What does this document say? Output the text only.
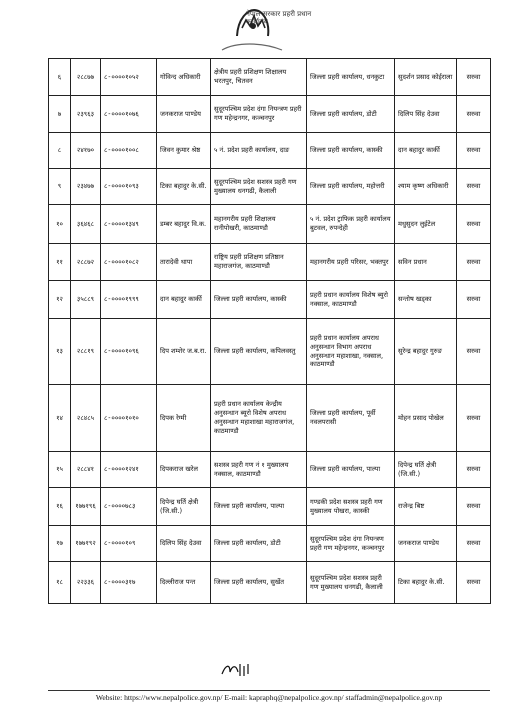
नेपाल सरकार प्रहरी प्रधान कार्यालय
६	२८८७७	८-००००१०५२	गोविन्द अधिकारी	क्षेत्रीय प्रहरी प्रशिक्षण शिक्षालय भरतपुर, चितवन	जिल्ला प्रहरी कार्यालय, धनकुटा	सुदर्शन प्रसाद कोईराला	सरुवा
७	२३९६३	८-००००१०७६	जनकराज पाण्डेय	सुदूरपश्चिम प्रदेश दंगा नियन्त्रण प्रहरी गण महेन्द्रनगर, कञ्चनपुर	जिल्ला प्रहरी कार्यालय, डोटी	दिलिप सिंह देउवा	सरुवा
८	२४१७०	८-००००१००८	जिवन कुमार श्रेष्ठ	५ नं. प्रदेश प्रहरी कार्यालय, दाङ	जिल्ला प्रहरी कार्यालय, कास्की	दान बहादुर कार्की	सरुवा
९	२३४७७	८-००००१०९३	टिका बहादुर के.सी.	सुदूरपश्चिम प्रदेश सशस्त्र प्रहरी गण मुख्यालय धनगढी, कैलाली	जिल्ला प्रहरी कार्यालय, महोत्तरी	श्याम कृष्ण अधिकारी	सरुवा
१०	३६४६८	८-००००१३४९	डम्बर बहादुर वि.क.	महानगरीय प्रहरी शिक्षालय रानीपोखरी, काठमाण्डौ	५ नं. प्रदेश ट्राफिक प्रहरी कार्यालय बुटवल, रुपन्देही	मधुसुदन लुईटेल	सरुवा
११	२८८७२	८-००००१०८२	तारादेवी थापा	राष्ट्रिय प्रहरी प्रशिक्षण प्रतिष्ठान महाराजगंज, काठमाण्डौ	महानगरीय प्रहरी परिसर, भक्तपुर	सविन प्रधान	सरुवा
१२	३५८८९	८-००००१९९९	दान बहादुर कार्की	जिल्ला प्रहरी कार्यालय, कास्की	प्रहरी प्रधान कार्यालय विशेष ब्युरो नक्साल, काठमाण्डौ	सन्तोष खड्का	सरुवा
१३	२८८१९	८-००००१०९६	दिप शम्शेर ज.ब.रा.	जिल्ला प्रहरी कार्यालय, कपिलवस्तु	प्रहरी प्रधान कार्यालय अपराध अनुसन्धान विभाग अपराध अनुसन्धान महाशाखा, नक्साल, काठमाण्डौ	सुरेन्द्र बहादुर गुरुङ	सरुवा
१४	२८४८५	८-००००१०१०	दिपक रेग्मी	प्रहरी प्रधान कार्यालय केन्द्रीय अनुसन्धान ब्यूरो विशेष अपराध अनुसन्धान महाशाखा महाराजगंज, काठमाण्डौ	जिल्ला प्रहरी कार्यालय, पूर्वी नवलपरासी	मोहन प्रसाद पोखेल	सरुवा
१५	२८८४१	८-००००१२४१	दिपकराज खरेल	सशस्त्र प्रहरी गण नं १ मुख्यालय नक्साल, काठमाण्डौ	जिल्ला प्रहरी कार्यालय, पाल्पा	दिपेन्द्र घर्ति क्षेत्री (जि.सी.)	सरुवा
१६	१७७१९६	८-००००७८३	दिपेन्द्र घर्ति क्षेत्री (जि.सी.)	जिल्ला प्रहरी कार्यालय, पाल्पा	गण्डकी प्रदेश सशस्त्र प्रहरी गण मुख्यालय पोखरा, कास्की	राजेन्द्र बिष्ट	सरुवा
१७	१७७१९२	८-००००१०९	दिलिप सिंह देउवा	जिल्ला प्रहरी कार्यालय, डोटी	सुदूरपश्चिम प्रदेश दंगा नियन्त्रण प्रहरी गण महेन्द्रनगर, कञ्चनपुर	जनकराज पाण्डेय	सरुवा
१८	२२३३६	८-००००३१७	दिल्लीराज पन्त	जिल्ला प्रहरी कार्यालय, सुर्खेत	सुदूरपश्चिम प्रदेश सशस्त्र प्रहरी गण मुख्यालय धनगढी, कैलाली	टिका बहादुर के.सी.	सरुवा
Website: https://www.nepalpolice.gov.np/ E-mail: kapraphq@nepalpolice.gov.np/ staffadmin@nepalpolice.gov.np
